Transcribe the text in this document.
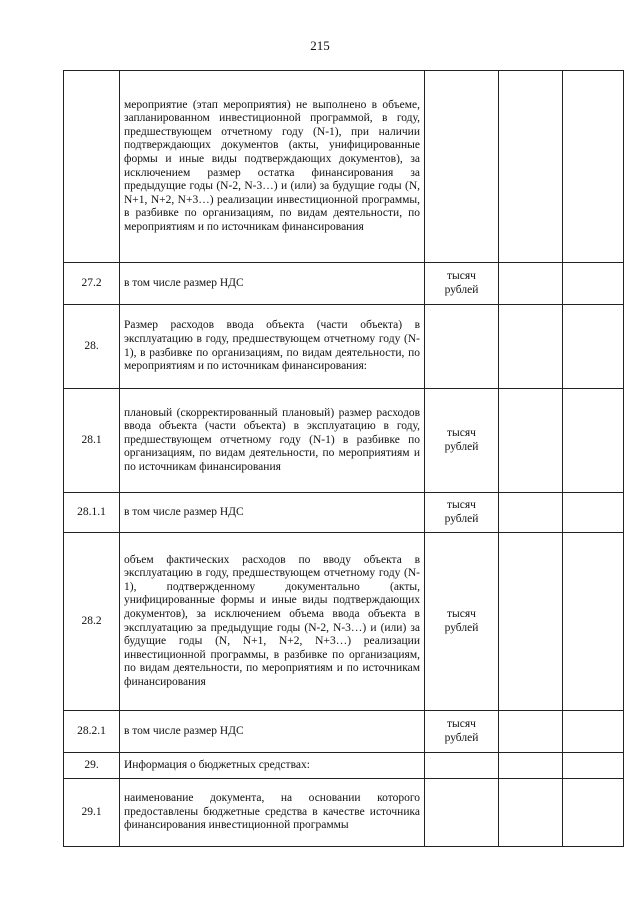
215
	мероприятие (этап мероприятия) не выполнено в объеме, запланированном инвестиционной программой, в году, предшествующем отчетному году (N-1), при наличии подтверждающих документов (акты, унифицированные формы и иные виды подтверждающих документов), за исключением размер остатка финансирования за предыдущие годы (N-2, N-3…) и (или) за будущие годы (N, N+1, N+2, N+3…) реализации инвестиционной программы, в разбивке по организациям, по видам деятельности, по мероприятиям и по источникам финансирования			
27.2	в том числе размер НДС	тысяч рублей		
28.	Размер расходов ввода объекта (части объекта) в эксплуатацию в году, предшествующем отчетному году (N-1), в разбивке по организациям, по видам деятельности, по мероприятиям и по источникам финансирования:			
28.1	плановый (скорректированный плановый) размер расходов ввода объекта (части объекта) в эксплуатацию в году, предшествующем отчетному году (N-1) в разбивке по организациям, по видам деятельности, по мероприятиям и по источникам финансирования	тысяч рублей		
28.1.1	в том числе размер НДС	тысяч рублей		
28.2	объем фактических расходов по вводу объекта в эксплуатацию в году, предшествующем отчетному году (N-1), подтвержденному документально (акты, унифицированные формы и иные виды подтверждающих документов), за исключением объема ввода объекта в эксплуатацию за предыдущие годы (N-2, N-3…) и (или) за будущие годы (N, N+1, N+2, N+3…) реализации инвестиционной программы, в разбивке по организациям, по видам деятельности, по мероприятиям и по источникам финансирования	тысяч рублей		
28.2.1	в том числе размер НДС	тысяч рублей		
29.	Информация о бюджетных средствах:			
29.1	наименование документа, на основании которого предоставлены бюджетные средства в качестве источника финансирования инвестиционной программы			
